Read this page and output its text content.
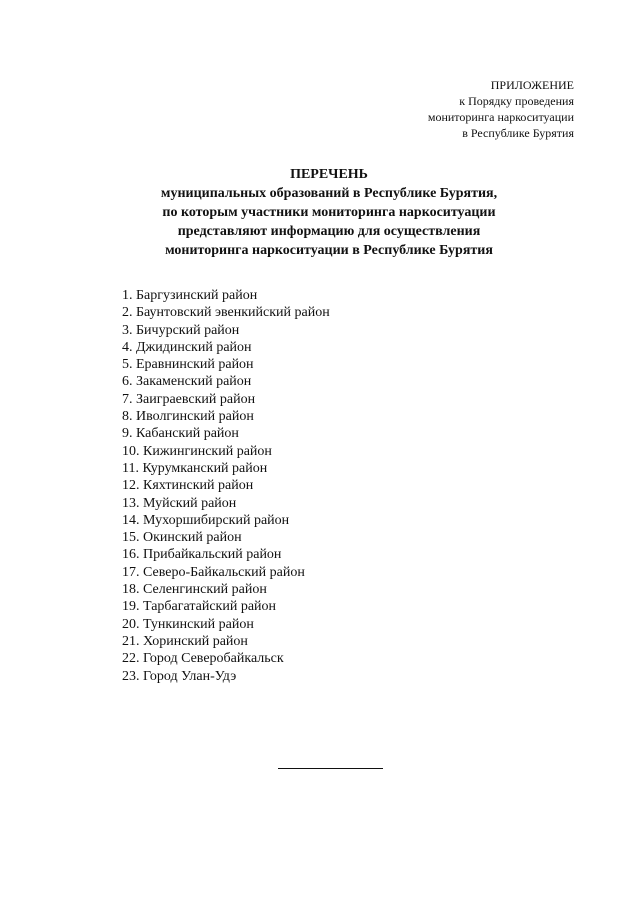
ПРИЛОЖЕНИЕ
к Порядку проведения
мониторинга наркоситуации
в Республике Бурятия
ПЕРЕЧЕНЬ
муниципальных образований в Республике Бурятия,
по которым участники мониторинга наркоситуации
представляют информацию для осуществления
мониторинга наркоситуации в Республике Бурятия
1. Баргузинский район
2. Баунтовский эвенкийский район
3. Бичурский район
4. Джидинский район
5. Еравнинский район
6. Закаменский район
7. Заиграевский район
8. Иволгинский район
9. Кабанский район
10. Кижингинский район
11. Курумканский район
12. Кяхтинский район
13. Муйский район
14. Мухоршибирский район
15. Окинский район
16. Прибайкальский район
17. Северо-Байкальский район
18. Селенгинский район
19. Тарбагатайский район
20. Тункинский район
21. Хоринский район
22. Город Северобайкальск
23. Город Улан-Удэ
